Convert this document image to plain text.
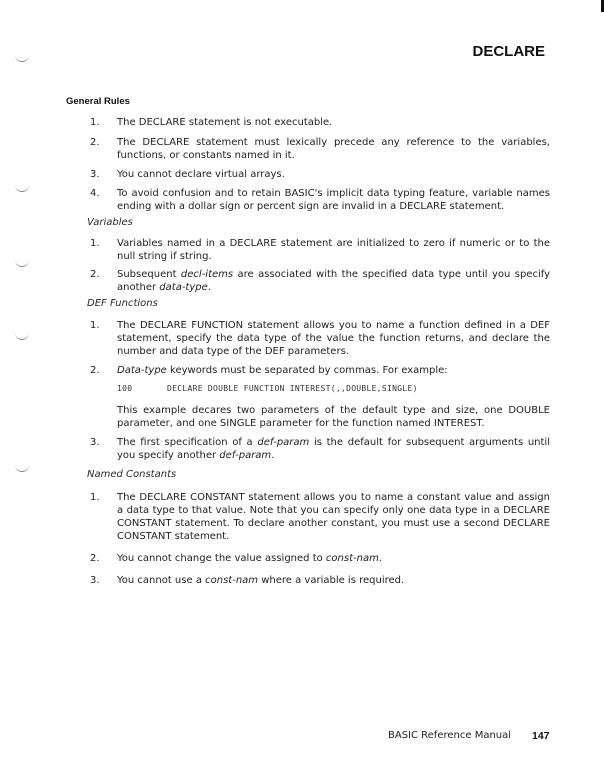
DECLARE
General Rules
1.	The DECLARE statement is not executable.
2.	The DECLARE statement must lexically precede any reference to the variables, functions, or constants named in it.
3.	You cannot declare virtual arrays.
4.	To avoid confusion and to retain BASIC's implicit data typing feature, variable names ending with a dollar sign or percent sign are invalid in a DECLARE statement.
Variables
1.	Variables named in a DECLARE statement are initialized to zero if numeric or to the null string if string.
2.	Subsequent decl-items are associated with the specified data type until you specify another data-type.
DEF Functions
1.	The DECLARE FUNCTION statement allows you to name a function defined in a DEF statement, specify the data type of the value the function returns, and declare the number and data type of the DEF parameters.
2.	Data-type keywords must be separated by commas. For example:
100	DECLARE DOUBLE FUNCTION INTEREST(,,DOUBLE,SINGLE)
This example decares two parameters of the default type and size, one DOUBLE parameter, and one SINGLE parameter for the function named INTEREST.
3.	The first specification of a def-param is the default for subsequent arguments until you specify another def-param.
Named Constants
1.	The DECLARE CONSTANT statement allows you to name a constant value and assign a data type to that value. Note that you can specify only one data type in a DECLARE CONSTANT statement. To declare another constant, you must use a second DECLARE CONSTANT statement.
2.	You cannot change the value assigned to const-nam.
3.	You cannot use a const-nam where a variable is required.
BASIC Reference Manual 147
